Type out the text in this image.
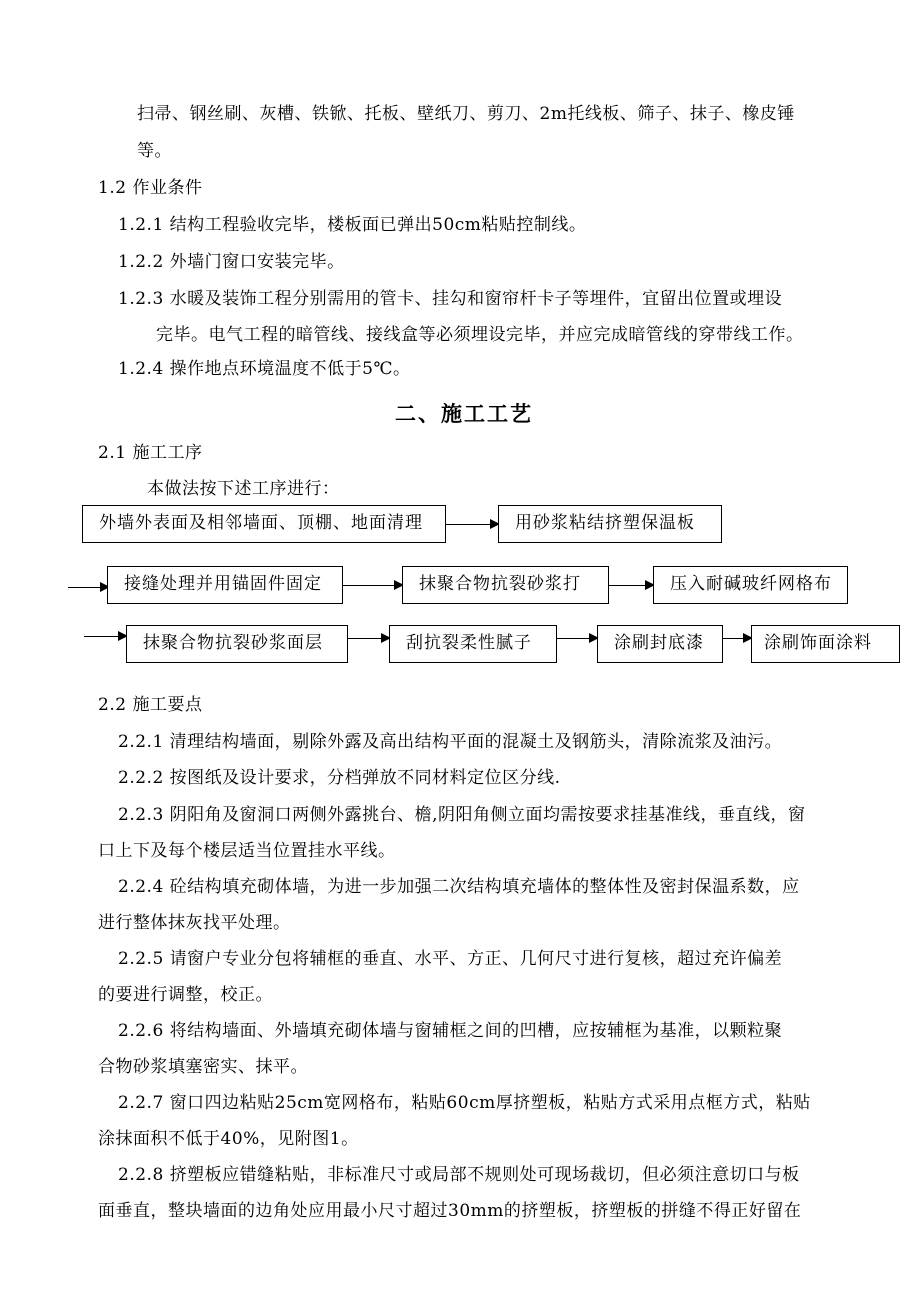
扫帚、钢丝刷、灰槽、铁锨、托板、壁纸刀、剪刀、2m托线板、筛子、抹子、橡皮锤
等。
1.2 作业条件
1.2.1 结构工程验收完毕，楼板面已弹出50cm粘贴控制线。
1.2.2 外墙门窗口安装完毕。
1.2.3 水暖及装饰工程分别需用的管卡、挂勾和窗帘杆卡子等埋件，宜留出位置或埋设
完毕。电气工程的暗管线、接线盒等必须埋设完毕，并应完成暗管线的穿带线工作。
1.2.4 操作地点环境温度不低于5℃。
二、施工工艺
2.1 施工工序
本做法按下述工序进行：
外墙外表面及相邻墙面、顶棚、地面清理	用砂浆粘结挤塑保温板
接缝处理并用锚固件固定	抹聚合物抗裂砂浆打	压入耐碱玻纤网格布
抹聚合物抗裂砂浆面层	刮抗裂柔性腻子	涂刷封底漆	涂刷饰面涂料
2.2 施工要点
2.2.1 清理结构墙面，剔除外露及高出结构平面的混凝土及钢筋头，清除流浆及油污。
2.2.2 按图纸及设计要求，分档弹放不同材料定位区分线.
2.2.3 阴阳角及窗洞口两侧外露挑台、檐,阴阳角侧立面均需按要求挂基准线，垂直线，窗
口上下及每个楼层适当位置挂水平线。
2.2.4 砼结构填充砌体墙，为进一步加强二次结构填充墙体的整体性及密封保温系数，应
进行整体抹灰找平处理。
2.2.5 请窗户专业分包将辅框的垂直、水平、方正、几何尺寸进行复核，超过充许偏差
的要进行调整，校正。
2.2.6 将结构墙面、外墙填充砌体墙与窗辅框之间的凹槽，应按辅框为基准，以颗粒聚
合物砂浆填塞密实、抹平。
2.2.7 窗口四边粘贴25cm宽网格布，粘贴60cm厚挤塑板，粘贴方式采用点框方式，粘贴
涂抹面积不低于40%，见附图1。
2.2.8 挤塑板应错缝粘贴，非标准尺寸或局部不规则处可现场裁切，但必须注意切口与板
面垂直，整块墙面的边角处应用最小尺寸超过30mm的挤塑板，挤塑板的拼缝不得正好留在
